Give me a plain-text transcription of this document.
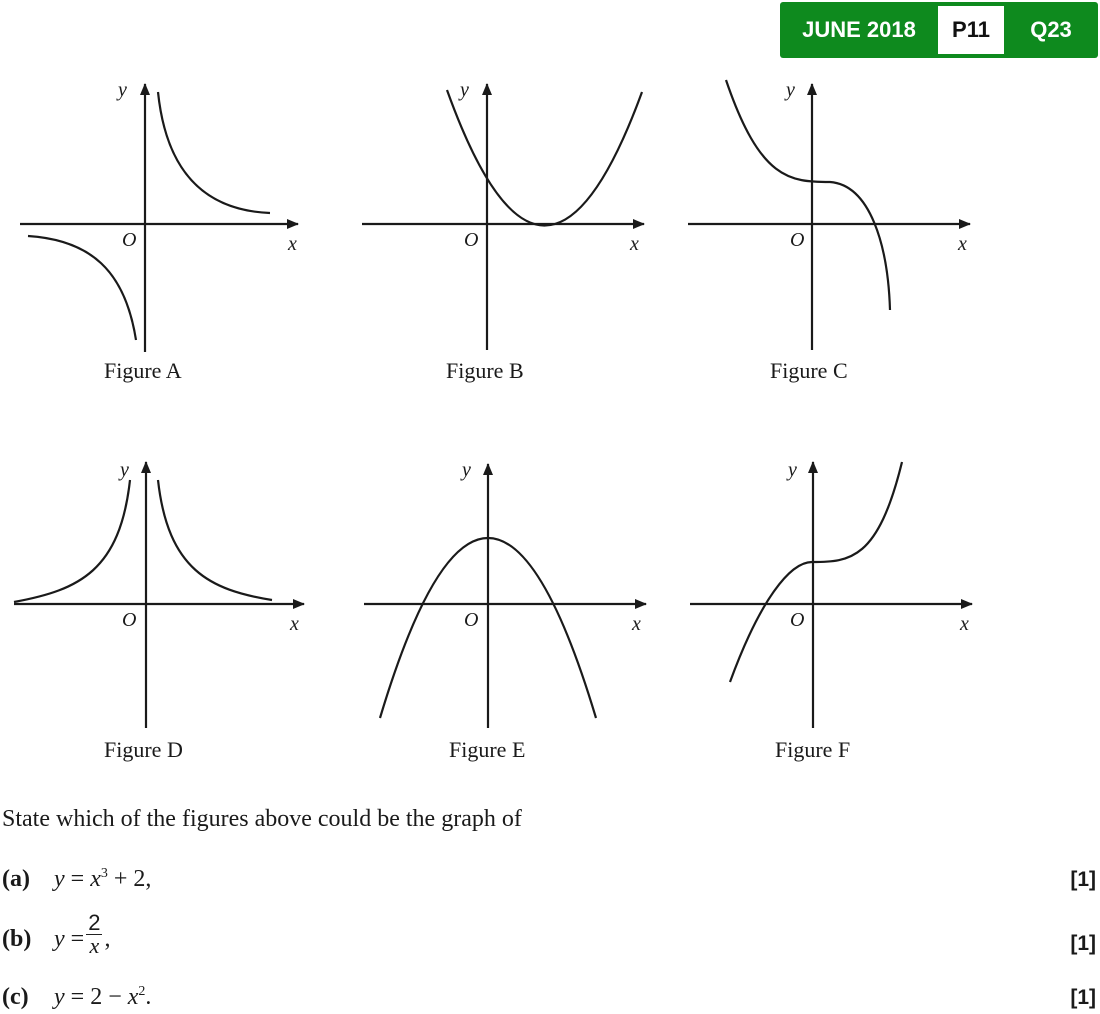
JUNE 2018	P11	Q23
y
x
O
y
x
O
y
x
O
y
x
O
y
x
O
y
x
O
Figure A	Figure B	Figure C
Figure D	Figure E	Figure F
State which of the figures above could be the graph of
(a)	$y = x^3 + 2$,	[1]
(b) $y = \frac{2}{x}$ ,	[1]
(c)	$y = 2 - x^2$.	[1]
